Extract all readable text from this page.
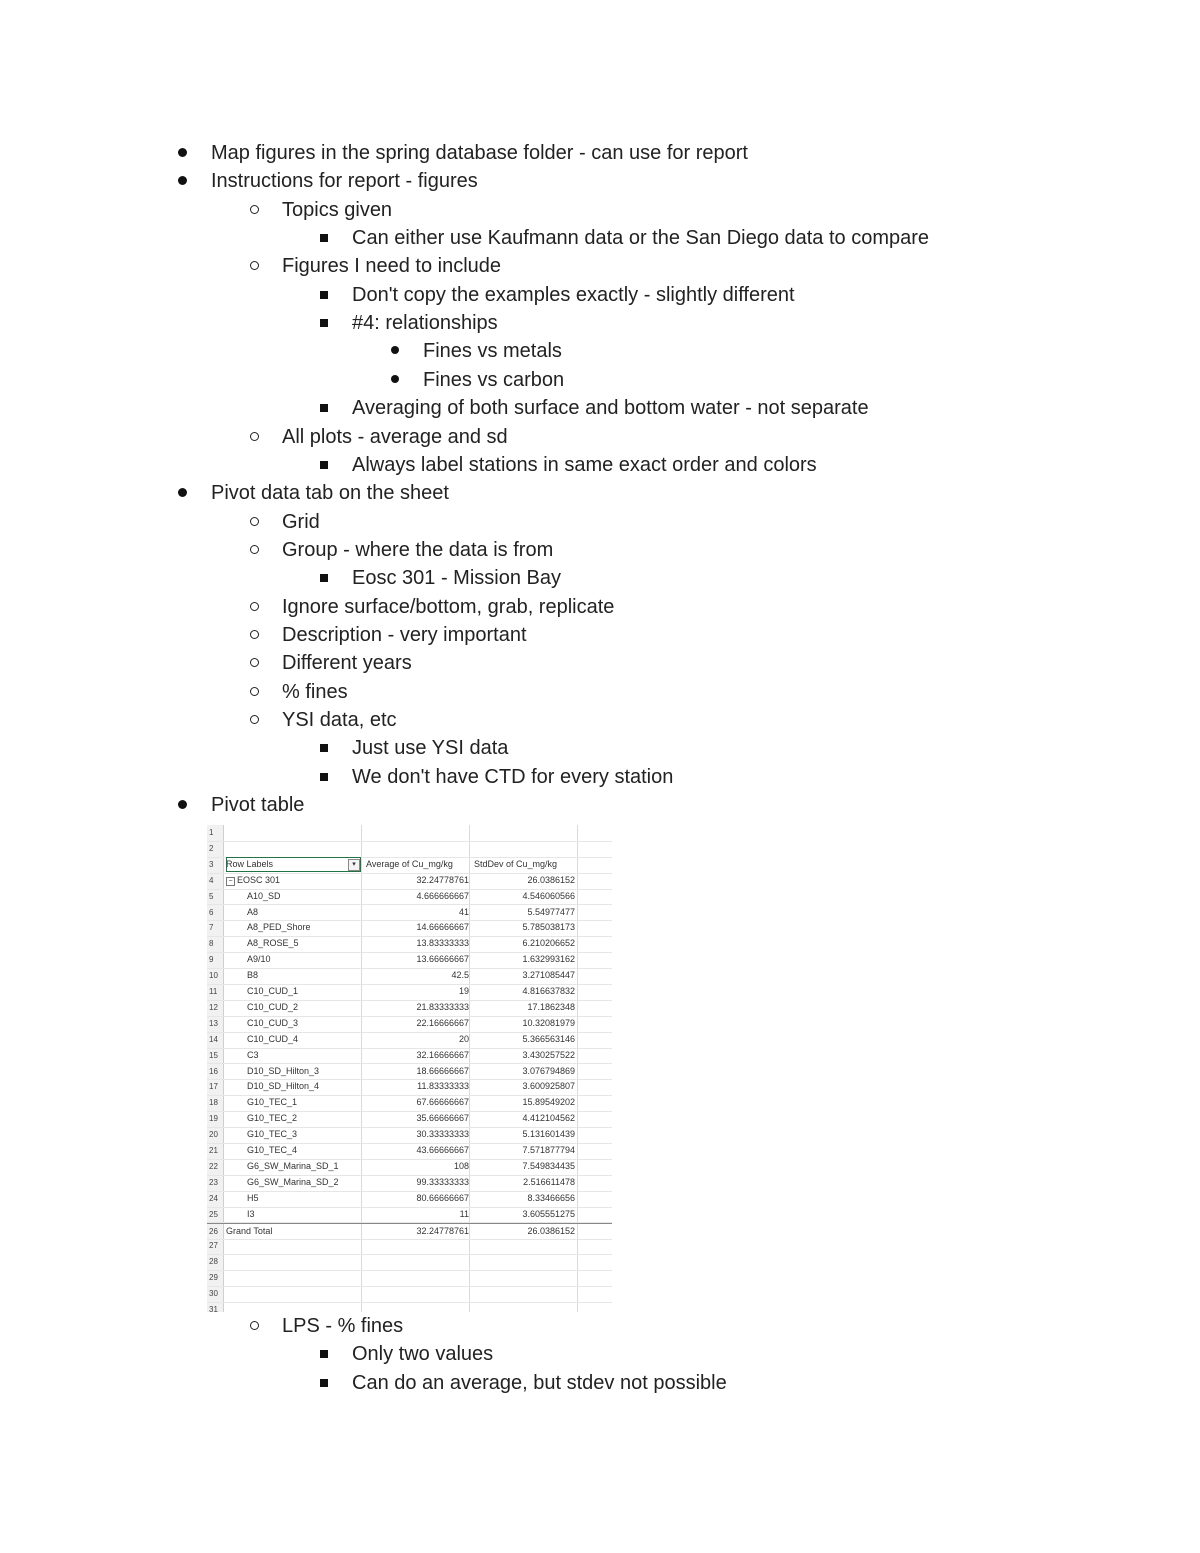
Map figures in the spring database folder - can use for report
Instructions for report - figures
Topics given
Can either use Kaufmann data or the San Diego data to compare
Figures I need to include
Don't copy the examples exactly - slightly different
#4: relationships
Fines vs metals
Fines vs carbon
Averaging of both surface and bottom water - not separate
All plots - average and sd
Always label stations in same exact order and colors
Pivot data tab on the sheet
Grid
Group - where the data is from
Eosc 301 - Mission Bay
Ignore surface/bottom, grab, replicate
Description - very important
Different years
% fines
YSI data, etc
Just use YSI data
We don't have CTD for every station
Pivot table
1
2
3	Row Labels	Average of Cu_mg/kg	StdDev of Cu_mg/kg
▾
4	− EOSC 301	32.24778761	26.0386152
5	A10_SD	4.666666667	4.546060566
6	A8	41	5.54977477
7	A8_PED_Shore	14.66666667	5.785038173
8	A8_ROSE_5	13.83333333	6.210206652
9	A9/10	13.66666667	1.632993162
10	B8	42.5	3.271085447
11	C10_CUD_1	19	4.816637832
12	C10_CUD_2	21.83333333	17.1862348
13	C10_CUD_3	22.16666667	10.32081979
14	C10_CUD_4	20	5.366563146
15	C3	32.16666667	3.430257522
16	D10_SD_Hilton_3	18.66666667	3.076794869
17	D10_SD_Hilton_4	11.83333333	3.600925807
18	G10_TEC_1	67.66666667	15.89549202
19	G10_TEC_2	35.66666667	4.412104562
20	G10_TEC_3	30.33333333	5.131601439
21	G10_TEC_4	43.66666667	7.571877794
22	G6_SW_Marina_SD_1	108	7.549834435
23	G6_SW_Marina_SD_2	99.33333333	2.516611478
24	H5	80.66666667	8.33466656
25	I3	11	3.605551275
26 Grand Total	32.24778761	26.0386152
27
28
29
30
31
LPS - % fines
Only two values
Can do an average, but stdev not possible
